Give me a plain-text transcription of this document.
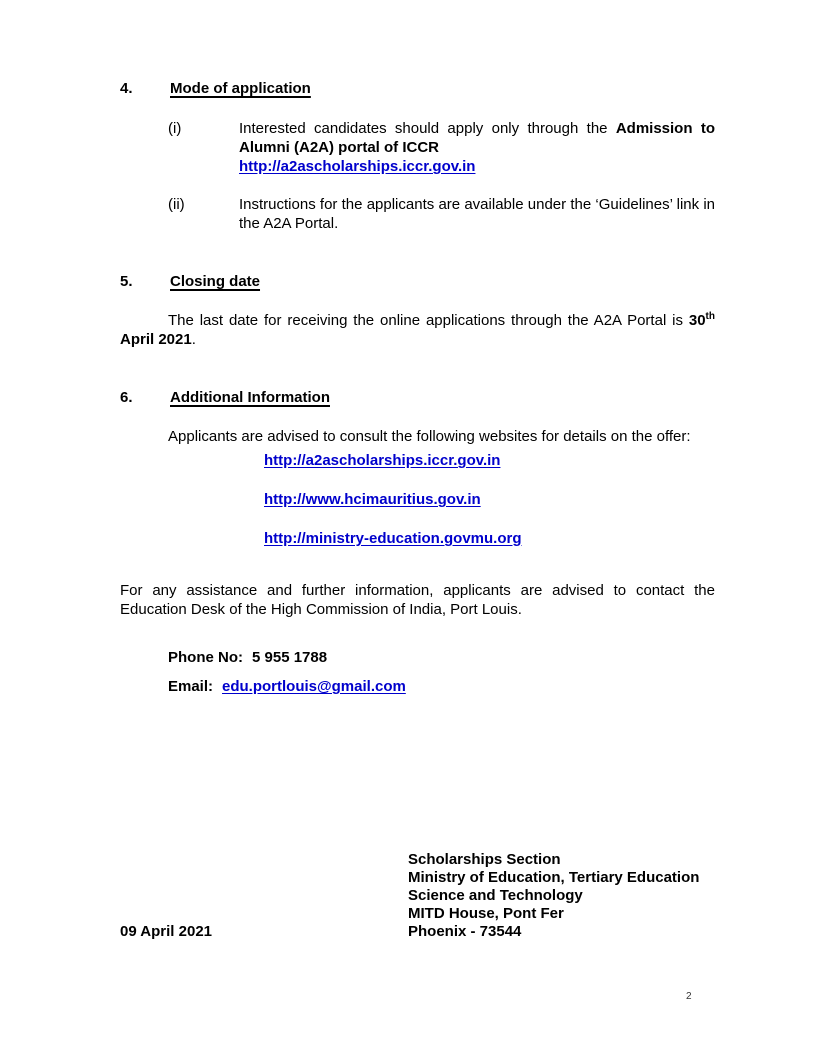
4.	Mode of application
(i)	Interested candidates should apply only through the Admission to Alumni (A2A) portal of ICCR
http://a2ascholarships.iccr.gov.in
(ii)	Instructions for the applicants are available under the ‘Guidelines’ link in the A2A Portal.
5.	Closing date
The last date for receiving the online applications through the A2A Portal is 30th April 2021.
6.	Additional Information
Applicants are advised to consult the following websites for details on the offer:
http://a2ascholarships.iccr.gov.in
http://www.hcimauritius.gov.in
http://ministry-education.govmu.org
For any assistance and further information, applicants are advised to contact the Education Desk of the High Commission of India, Port Louis.
Phone No: 5 955 1788
Email: edu.portlouis@gmail.com
09 April 2021
Scholarships Section
Ministry of Education, Tertiary Education
Science and Technology
MITD House, Pont Fer
Phoenix - 73544
2
